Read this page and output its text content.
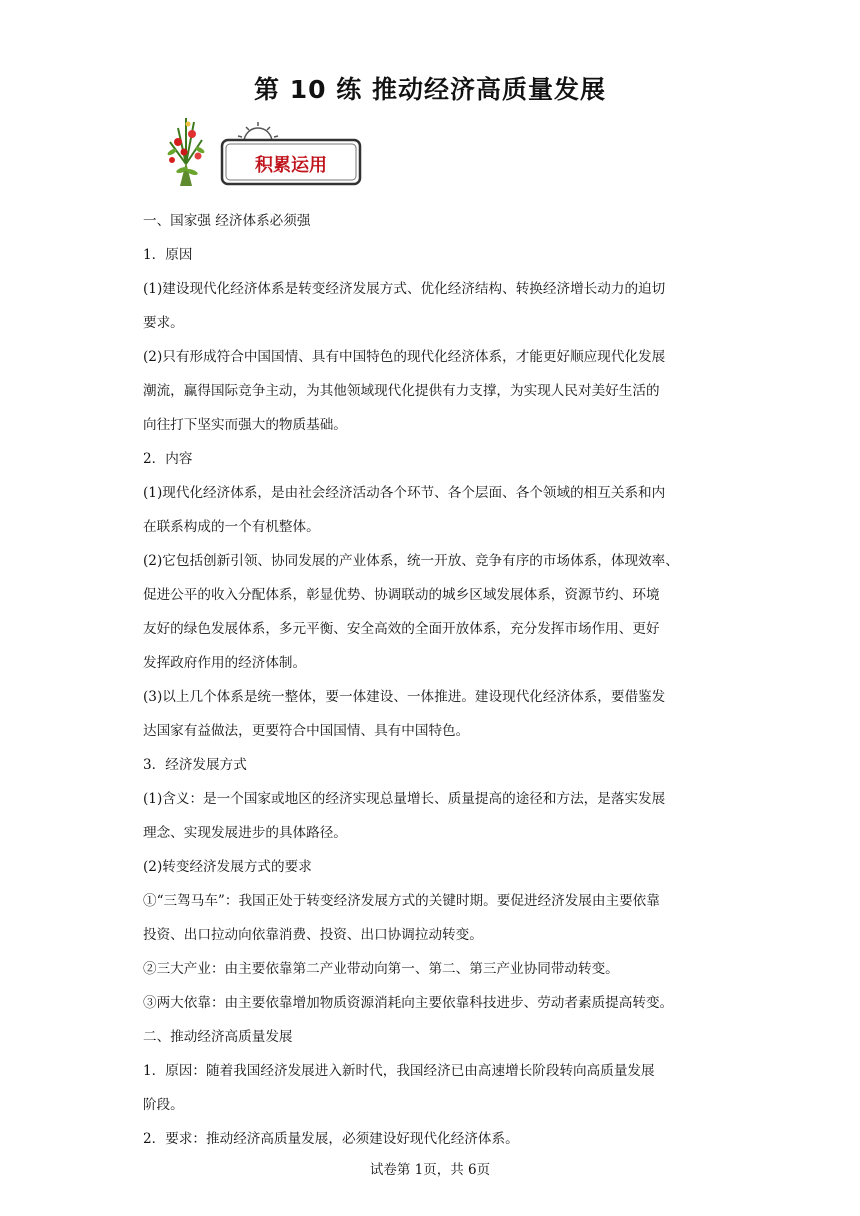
第 10 练 推动经济高质量发展
积累运用

一、国家强 经济体系必须强

1．原因

(1)建设现代化经济体系是转变经济发展方式、优化经济结构、转换经济增长动力的迫切

要求。

(2)只有形成符合中国国情、具有中国特色的现代化经济体系，才能更好顺应现代化发展

潮流，赢得国际竞争主动，为其他领域现代化提供有力支撑，为实现人民对美好生活的

向往打下坚实而强大的物质基础。

2．内容

(1)现代化经济体系，是由社会经济活动各个环节、各个层面、各个领域的相互关系和内

在联系构成的一个有机整体。

(2)它包括创新引领、协同发展的产业体系，统一开放、竞争有序的市场体系，体现效率、

促进公平的收入分配体系，彰显优势、协调联动的城乡区域发展体系，资源节约、环境

友好的绿色发展体系，多元平衡、安全高效的全面开放体系，充分发挥市场作用、更好

发挥政府作用的经济体制。

(3)以上几个体系是统一整体，要一体建设、一体推进。建设现代化经济体系，要借鉴发

达国家有益做法，更要符合中国国情、具有中国特色。

3．经济发展方式

(1)含义：是一个国家或地区的经济实现总量增长、质量提高的途径和方法，是落实发展

理念、实现发展进步的具体路径。

(2)转变经济发展方式的要求

①“三驾马车”：我国正处于转变经济发展方式的关键时期。要促进经济发展由主要依靠

投资、出口拉动向依靠消费、投资、出口协调拉动转变。

②三大产业：由主要依靠第二产业带动向第一、第二、第三产业协同带动转变。

③两大依靠：由主要依靠增加物质资源消耗向主要依靠科技进步、劳动者素质提高转变。

二、推动经济高质量发展

1．原因：随着我国经济发展进入新时代，我国经济已由高速增长阶段转向高质量发展

阶段。

2．要求：推动经济高质量发展，必须建设好现代化经济体系。

试卷第 1页，共 6页
